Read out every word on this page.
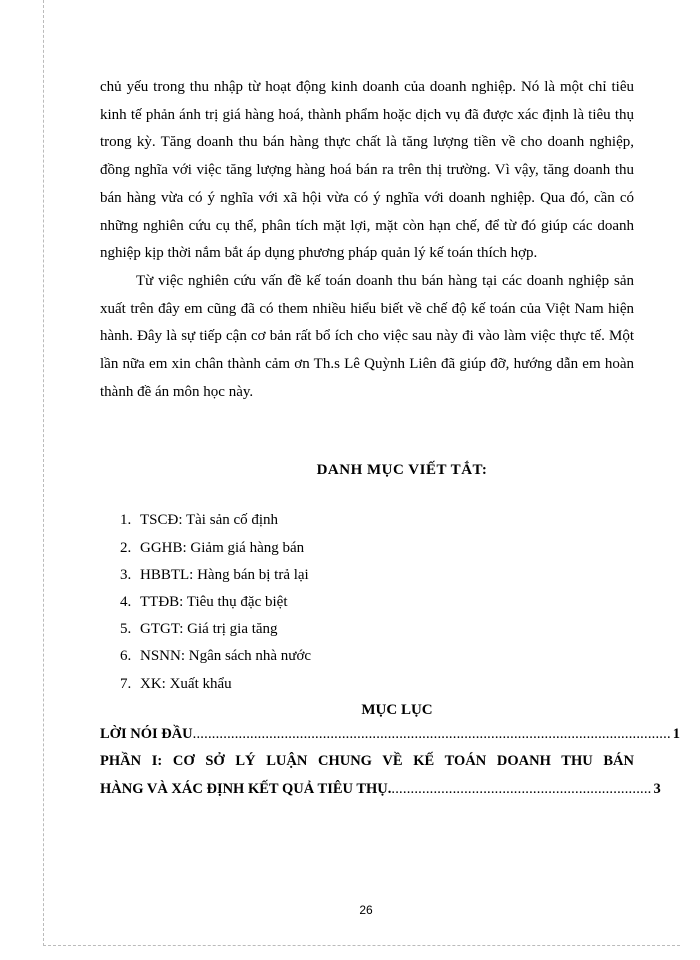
chủ yếu trong thu nhập từ hoạt động kinh doanh của doanh nghiệp. Nó là một chỉ tiêu kinh tế phản ánh trị giá hàng hoá, thành phẩm hoặc dịch vụ đã được xác định là tiêu thụ trong kỳ. Tăng doanh thu bán hàng thực chất là tăng lượng tiền về cho doanh nghiệp, đồng nghĩa với việc tăng lượng hàng hoá bán ra trên thị trường. Vì vậy, tăng doanh thu bán hàng vừa có ý nghĩa với xã hội vừa có ý nghĩa với doanh nghiệp. Qua đó, cần có những nghiên cứu cụ thể, phân tích mặt lợi, mặt còn hạn chế, để từ đó giúp các doanh nghiệp kịp thời nắm bắt áp dụng phương pháp quản lý kế toán thích hợp.

Từ việc nghiên cứu vấn đề kế toán doanh thu bán hàng tại các doanh nghiệp sản xuất trên đây em cũng đã có them nhiều hiểu biết về chế độ kế toán của Việt Nam hiện hành. Đây là sự tiếp cận cơ bản rất bổ ích cho việc sau này đi vào làm việc thực tế. Một lần nữa em xin chân thành cảm ơn Th.s Lê Quỳnh Liên đã giúp đỡ, hướng dẫn em hoàn thành đề án môn học này.

DANH MỤC VIẾT TẮT:
1. TSCĐ: Tài sản cố định
2. GGHB: Giảm giá hàng bán
3. HBBTL: Hàng bán bị trả lại
4. TTĐB: Tiêu thụ đặc biệt
5. GTGT: Giá trị gia tăng
6. NSNN: Ngân sách nhà nước
7. XK: Xuất khẩu
MỤC LỤC
LỜI NÓI ĐẦU ............................................................................................................................. 1
PHẦN I: CƠ SỞ LÝ LUẬN CHUNG VỀ KẾ TOÁN DOANH THU BÁN
HÀNG VÀ XÁC ĐỊNH KẾT QUẢ TIÊU THỤ. .................................................................... 3
26
